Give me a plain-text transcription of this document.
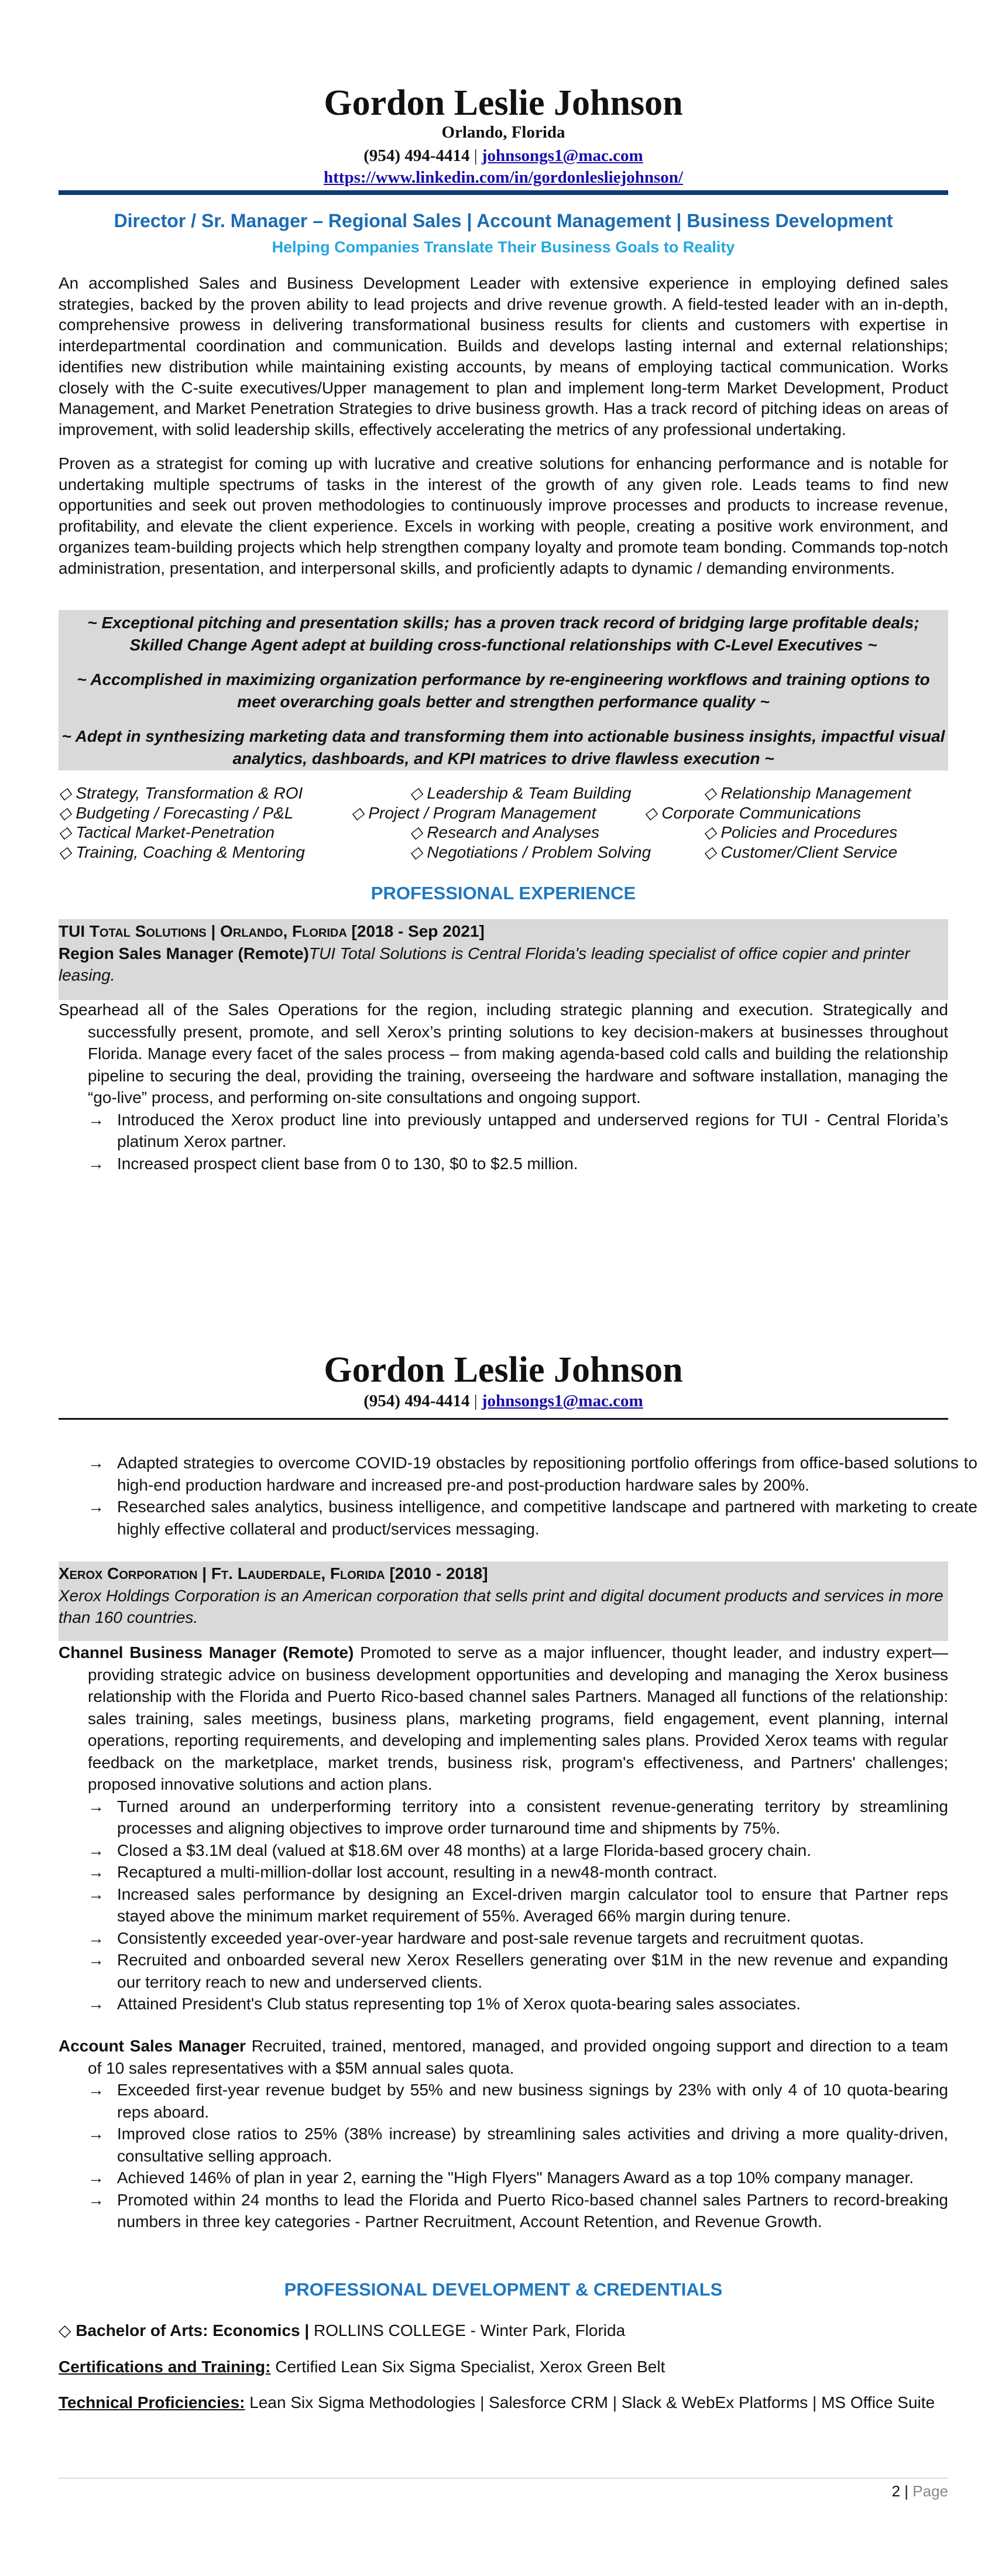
Gordon Leslie Johnson
Orlando, Florida
(954) 494-4414 | johnsongs1@mac.com
https://www.linkedin.com/in/gordonlesliejohnson/
Director / Sr. Manager – Regional Sales | Account Management | Business Development
Helping Companies Translate Their Business Goals to Reality
An accomplished Sales and Business Development Leader with extensive experience in employing defined sales strategies, backed by the proven ability to lead projects and drive revenue growth. A field-tested leader with an in-depth, comprehensive prowess in delivering transformational business results for clients and customers with expertise in interdepartmental coordination and communication. Builds and develops lasting internal and external relationships; identifies new distribution while maintaining existing accounts, by means of employing tactical communication. Works closely with the C-suite executives/Upper management to plan and implement long-term Market Development, Product Management, and Market Penetration Strategies to drive business growth. Has a track record of pitching ideas on areas of improvement, with solid leadership skills, effectively accelerating the metrics of any professional undertaking.
Proven as a strategist for coming up with lucrative and creative solutions for enhancing performance and is notable for undertaking multiple spectrums of tasks in the interest of the growth of any given role. Leads teams to find new opportunities and seek out proven methodologies to continuously improve processes and products to increase revenue, profitability, and elevate the client experience. Excels in working with people, creating a positive work environment, and organizes team-building projects which help strengthen company loyalty and promote team bonding. Commands top-notch administration, presentation, and interpersonal skills, and proficiently adapts to dynamic / demanding environments.
~ Exceptional pitching and presentation skills; has a proven track record of bridging large profitable deals;
Skilled Change Agent adept at building cross-functional relationships with C-Level Executives ~
~ Accomplished in maximizing organization performance by re-engineering workflows and training options to
meet overarching goals better and strengthen performance quality ~
~ Adept in synthesizing marketing data and transforming them into actionable business insights, impactful visual
analytics, dashboards, and KPI matrices to drive flawless execution ~
◇ Strategy, Transformation & ROI	◇ Leadership & Team Building	◇ Relationship Management
◇ Budgeting / Forecasting / P&L	◇ Project / Program Management	◇ Corporate Communications
◇ Tactical Market-Penetration	◇ Research and Analyses	◇ Policies and Procedures
◇ Training, Coaching & Mentoring	◇ Negotiations / Problem Solving	◇ Customer/Client Service
PROFESSIONAL EXPERIENCE
TUI Total Solutions | Orlando, Florida [2018 - Sep 2021]
Region Sales Manager (Remote)TUI Total Solutions is Central Florida's leading specialist of office copier and printer leasing.
Spearhead all of the Sales Operations for the region, including strategic planning and execution. Strategically and successfully present, promote, and sell Xerox’s printing solutions to key decision-makers at businesses throughout Florida. Manage every facet of the sales process – from making agenda-based cold calls and building the relationship pipeline to securing the deal, providing the training, overseeing the hardware and software installation, managing the “go-live” process, and performing on-site consultations and ongoing support.
→ Introduced the Xerox product line into previously untapped and underserved regions for TUI - Central Florida’s platinum Xerox partner.
→ Increased prospect client base from 0 to 130, $0 to $2.5 million.
Gordon Leslie Johnson
(954) 494-4414 | johnsongs1@mac.com
→ Adapted strategies to overcome COVID-19 obstacles by repositioning portfolio offerings from office-based solutions to high-end production hardware and increased pre-and post-production hardware sales by 200%.
→ Researched sales analytics, business intelligence, and competitive landscape and partnered with marketing to create highly effective collateral and product/services messaging.
Xerox Corporation | Ft. Lauderdale, Florida [2010 - 2018]
Xerox Holdings Corporation is an American corporation that sells print and digital document products and services in more than 160 countries.
Channel Business Manager (Remote) Promoted to serve as a major influencer, thought leader, and industry expert—providing strategic advice on business development opportunities and developing and managing the Xerox business relationship with the Florida and Puerto Rico-based channel sales Partners. Managed all functions of the relationship: sales training, sales meetings, business plans, marketing programs, field engagement, event planning, internal operations, reporting requirements, and developing and implementing sales plans. Provided Xerox teams with regular feedback on the marketplace, market trends, business risk, program's effectiveness, and Partners' challenges; proposed innovative solutions and action plans.
→ Turned around an underperforming territory into a consistent revenue-generating territory by streamlining processes and aligning objectives to improve order turnaround time and shipments by 75%.
→ Closed a $3.1M deal (valued at $18.6M over 48 months) at a large Florida-based grocery chain.
→ Recaptured a multi-million-dollar lost account, resulting in a new48-month contract.
→ Increased sales performance by designing an Excel-driven margin calculator tool to ensure that Partner reps stayed above the minimum market requirement of 55%. Averaged 66% margin during tenure.
→ Consistently exceeded year-over-year hardware and post-sale revenue targets and recruitment quotas.
→ Recruited and onboarded several new Xerox Resellers generating over $1M in the new revenue and expanding our territory reach to new and underserved clients.
→ Attained President's Club status representing top 1% of Xerox quota-bearing sales associates.
Account Sales Manager Recruited, trained, mentored, managed, and provided ongoing support and direction to a team of 10 sales representatives with a $5M annual sales quota.
→ Exceeded first-year revenue budget by 55% and new business signings by 23% with only 4 of 10 quota-bearing reps aboard.
→ Improved close ratios to 25% (38% increase) by streamlining sales activities and driving a more quality-driven, consultative selling approach.
→ Achieved 146% of plan in year 2, earning the "High Flyers" Managers Award as a top 10% company manager.
→ Promoted within 24 months to lead the Florida and Puerto Rico-based channel sales Partners to record-breaking numbers in three key categories - Partner Recruitment, Account Retention, and Revenue Growth.
PROFESSIONAL DEVELOPMENT & CREDENTIALS
◇ Bachelor of Arts: Economics | ROLLINS COLLEGE - Winter Park, Florida
Certifications and Training: Certified Lean Six Sigma Specialist, Xerox Green Belt
Technical Proficiencies: Lean Six Sigma Methodologies | Salesforce CRM | Slack & WebEx Platforms | MS Office Suite
2 | Page
